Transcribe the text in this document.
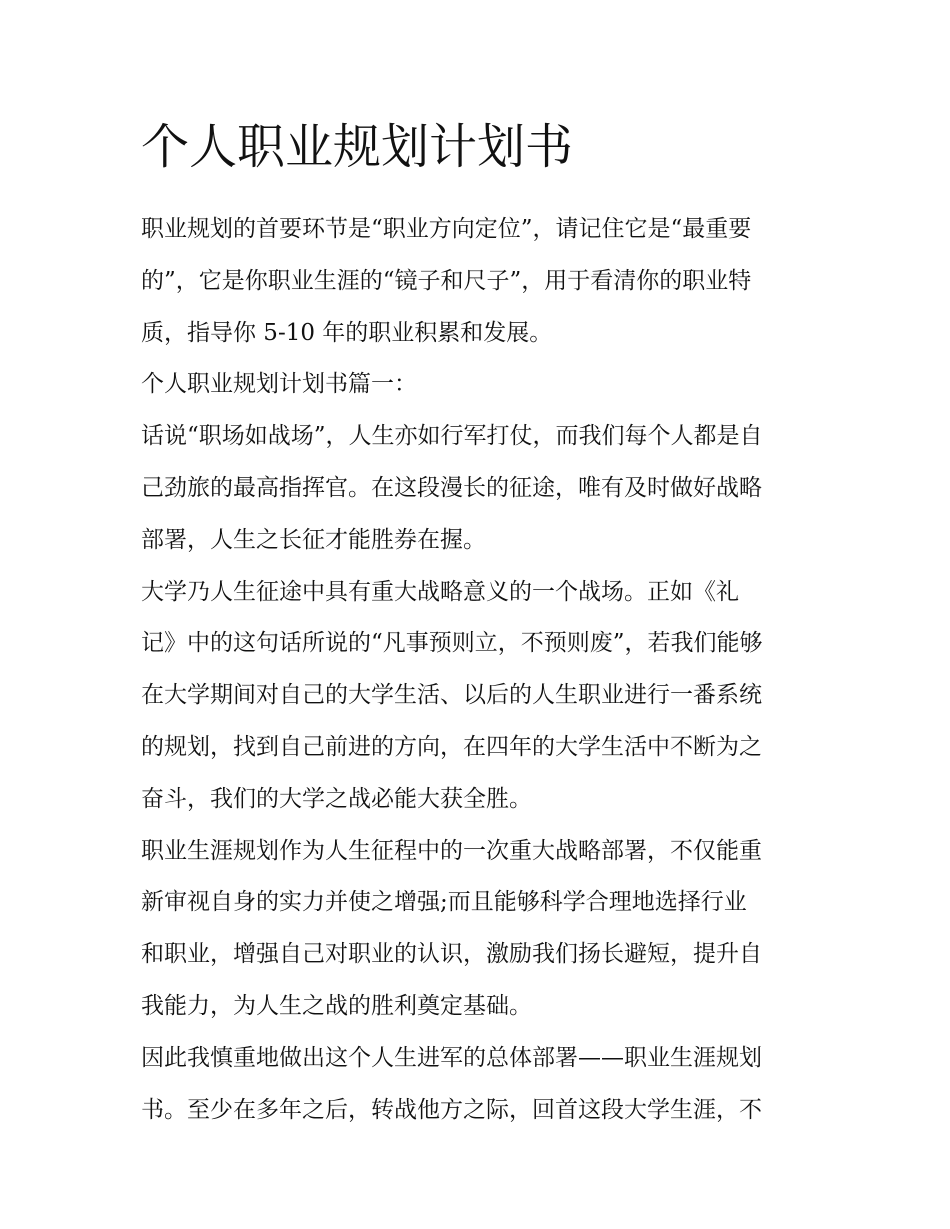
个人职业规划计划书

职业规划的首要环节是“职业方向定位”，请记住它是“最重要
的”，它是你职业生涯的“镜子和尺子”，用于看清你的职业特
质，指导你 5-10 年的职业积累和发展。

个人职业规划计划书篇一：

话说“职场如战场”，人生亦如行军打仗，而我们每个人都是自
己劲旅的最高指挥官。在这段漫长的征途，唯有及时做好战略
部署，人生之长征才能胜券在握。

大学乃人生征途中具有重大战略意义的一个战场。正如《礼
记》中的这句话所说的“凡事预则立，不预则废”，若我们能够
在大学期间对自己的大学生活、以后的人生职业进行一番系统
的规划，找到自己前进的方向，在四年的大学生活中不断为之
奋斗，我们的大学之战必能大获全胜。

职业生涯规划作为人生征程中的一次重大战略部署，不仅能重
新审视自身的实力并使之增强;而且能够科学合理地选择行业
和职业，增强自己对职业的认识，激励我们扬长避短，提升自
我能力，为人生之战的胜利奠定基础。

因此我慎重地做出这个人生进军的总体部署——职业生涯规划
书。至少在多年之后，转战他方之际，回首这段大学生涯，不
